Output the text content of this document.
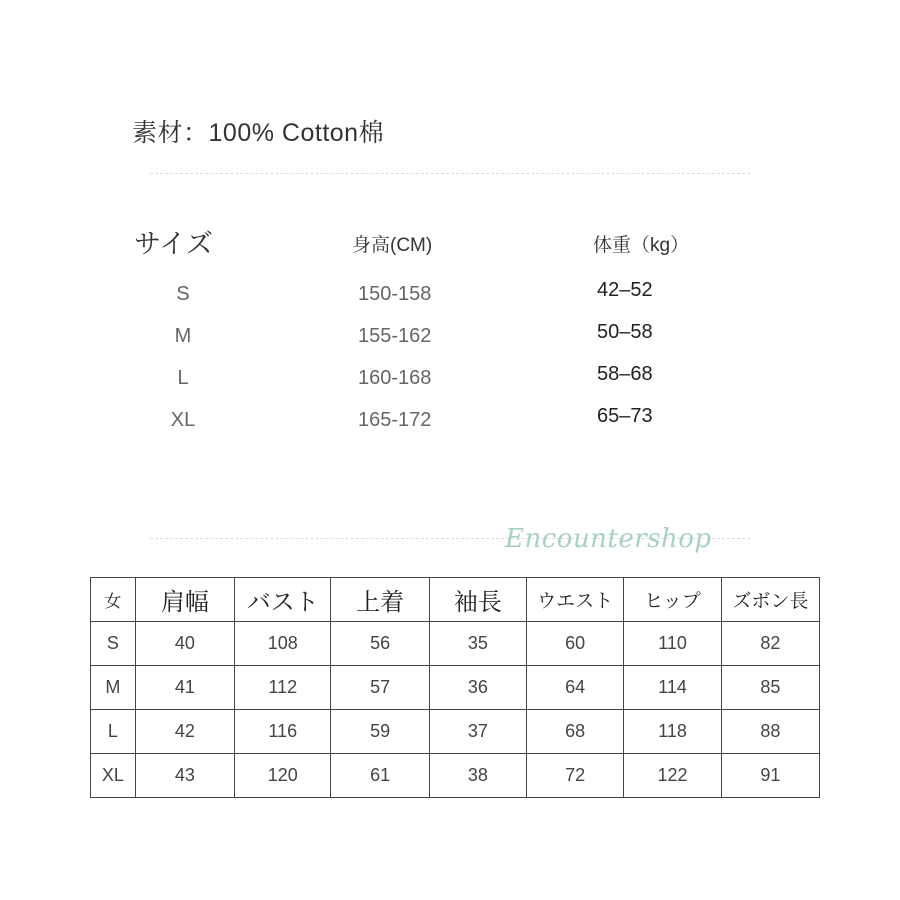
素材：100% Cotton棉
サイズ	身高(CM)	体重（kg）
S	150-158	42–52
M	155-162	50–58
L	160-168	58–68
XL	165-172	65–73
Encountershop
女	肩幅	バスト	上着	袖長	ウエスト	ヒップ	ズボン長
S	40	108	56	35	60	110	82
M	41	112	57	36	64	114	85
L	42	116	59	37	68	118	88
XL	43	120	61	38	72	122	91
